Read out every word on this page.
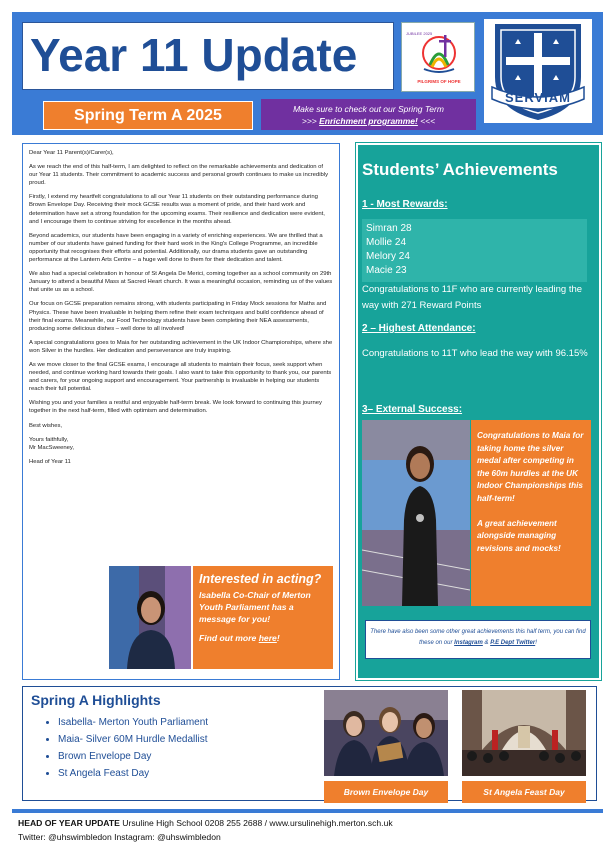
Year 11 Update	JUBILEE 2025
PILGRIMS OF HOPE
SERVIAM
Spring Term A 2025	Make sure to check out our Spring Term
>>> Enrichment programme! <<<

Dear Year 11 Parent(s)/Carer(s),

As we reach the end of this half-term, I am delighted to reflect on the remarkable achievements and dedication of our Year 11 students. Their commitment to academic success and personal growth continues to make us incredibly proud.

Firstly, I extend my heartfelt congratulations to all our Year 11 students on their outstanding performance during Brown Envelope Day. Receiving their mock GCSE results was a moment of pride, and their hard work and determination have set a strong foundation for the upcoming exams. Their resilience and dedication were evident, and I encourage them to continue striving for excellence in the months ahead.

Beyond academics, our students have been engaging in a variety of enriching experiences. We are thrilled that a number of our students have gained funding for their hard work in the King's College Programme, an incredible opportunity that recognises their efforts and potential. Additionally, our drama students gave an outstanding performance at the Lantern Arts Centre – a huge well done to them for their dedication and talent.

We also had a special celebration in honour of St Angela De Merici, coming together as a school community on 29th January to attend a beautiful Mass at Sacred Heart church. It was a meaningful occasion, reminding us of the values that unite us as a school.

Our focus on GCSE preparation remains strong, with students participating in Friday Mock sessions for Maths and Physics. These have been invaluable in helping them refine their exam techniques and build confidence ahead of their final exams. Meanwhile, our Food Technology students have been completing their NEA assessments, producing some delicious dishes – well done to all involved!

A special congratulations goes to Maia for her outstanding achievement in the UK Indoor Championships, where she won Silver in the hurdles. Her dedication and perseverance are truly inspiring.

As we move closer to the final GCSE exams, I encourage all students to maintain their focus, seek support when needed, and continue working hard towards their goals. I also want to take this opportunity to thank you, our parents and carers, for your ongoing support and encouragement. Your partnership is invaluable in helping our students reach their full potential.

Wishing you and your families a restful and enjoyable half-term break. We look forward to continuing this journey together in the next half-term, filled with optimism and determination.

Best wishes,

Yours faithfully,

Mr MacSweeney,

Head of Year 11
Interested in acting?
Isabella Co-Chair of Merton Youth Parliament has a message for you!
Find out more here!
Students’ Achievements
1 - Most Rewards:
Simran 28
Mollie 24
Melory 24
Macie 23
Congratulations to 11F who are currently leading the way with 271 Reward Points
2 – Highest Attendance:
Congratulations to 11T who lead the way with 96.15%
3– External Success:
Congratulations to Maia for taking home the silver medal after competing in the 60m hurdles at the UK Indoor Championships this half-term!
A great achievement alongside managing revisions and mocks!
There have also been some other great achievements this half term, you can find these on our Instagram & P.E Dept Twitter!
Spring A Highlights
• Isabella- Merton Youth Parliament
• Maia- Silver 60M Hurdle Medallist
• Brown Envelope Day
• St Angela Feast Day
Brown Envelope Day	St Angela Feast Day
HEAD OF YEAR UPDATE Ursuline High School 0208 255 2688 / www.ursulinehigh.merton.sch.uk
Twitter: @uhswimbledon Instagram: @uhswimbledon
